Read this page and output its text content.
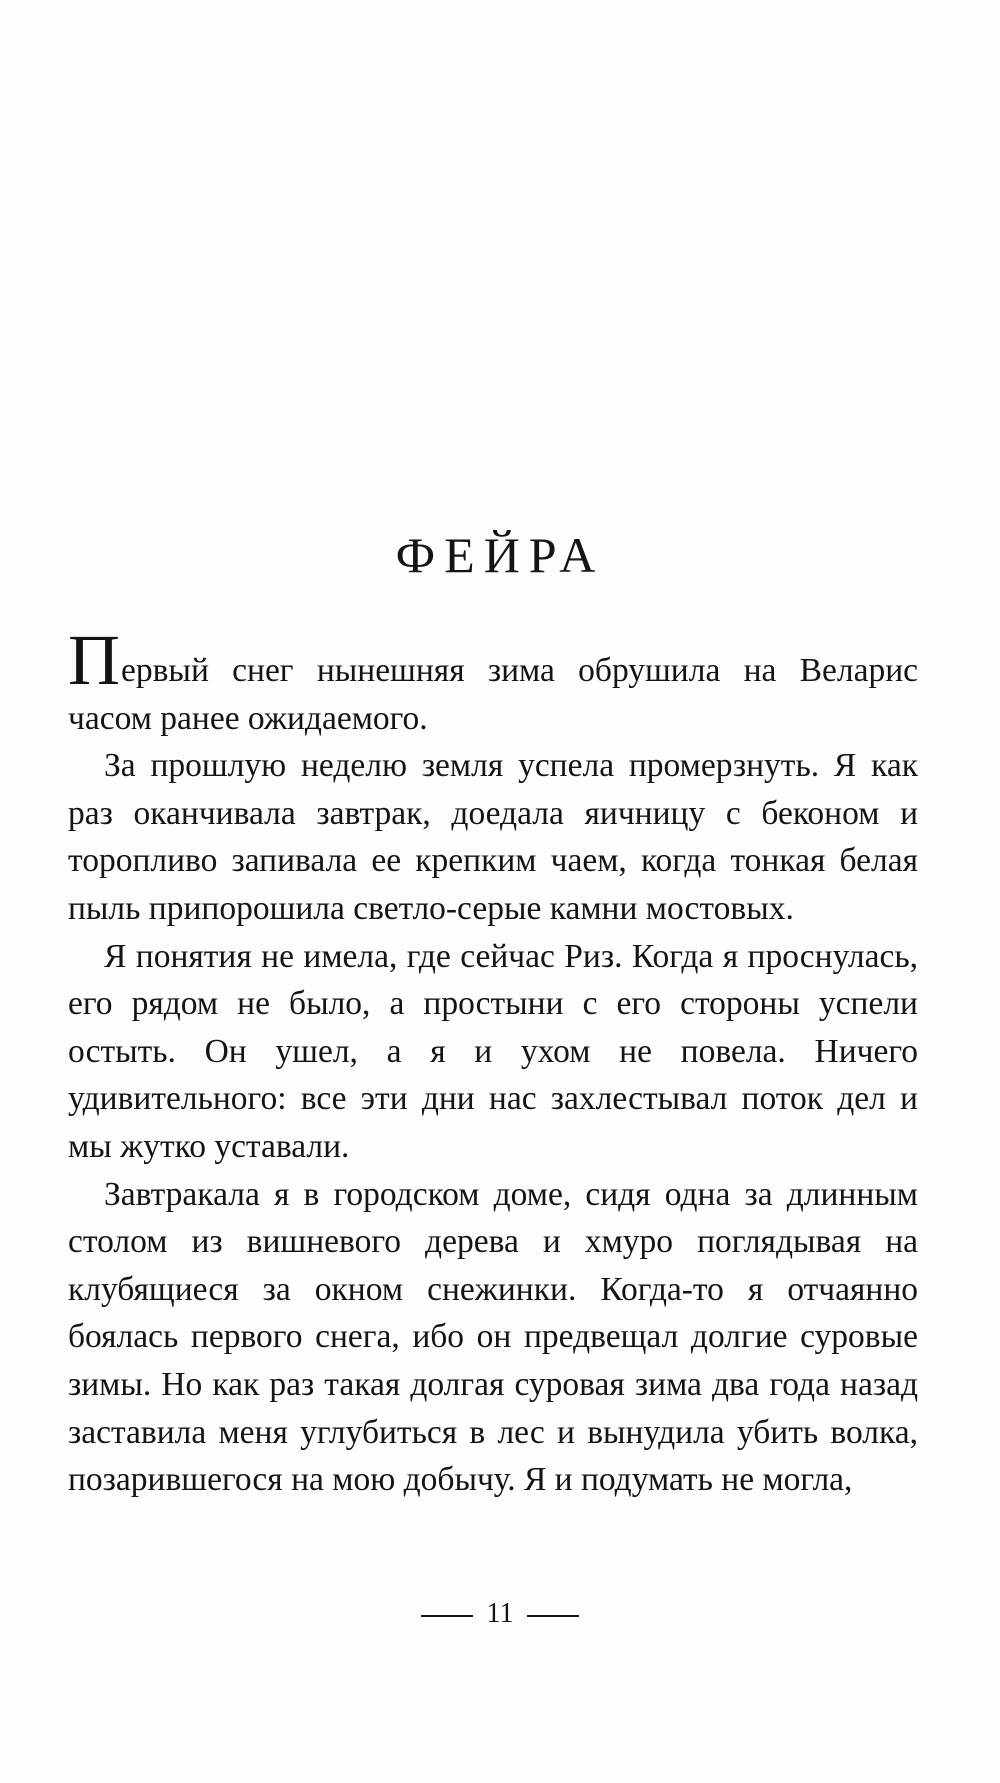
ФЕЙРА

Первый снег нынешняя зима обрушила на Веларис часом ранее ожидаемого.

За прошлую неделю земля успела промерзнуть. Я как раз оканчивала завтрак, доедала яичницу с беконом и торопливо запивала ее крепким чаем, когда тонкая белая пыль припорошила светло-серые камни мостовых.

Я понятия не имела, где сейчас Риз. Когда я проснулась, его рядом не было, а простыни с его стороны успели остыть. Он ушел, а я и ухом не повела. Ничего удивительного: все эти дни нас захлестывал поток дел и мы жутко уставали.

Завтракала я в городском доме, сидя одна за длинным столом из вишневого дерева и хмуро поглядывая на клубящиеся за окном снежинки. Когда-то я отчаянно боялась первого снега, ибо он предвещал долгие суровые зимы. Но как раз такая долгая суровая зима два года назад заставила меня углубиться в лес и вынудила убить волка, позарившегося на мою добычу. Я и подумать не могла,

11
